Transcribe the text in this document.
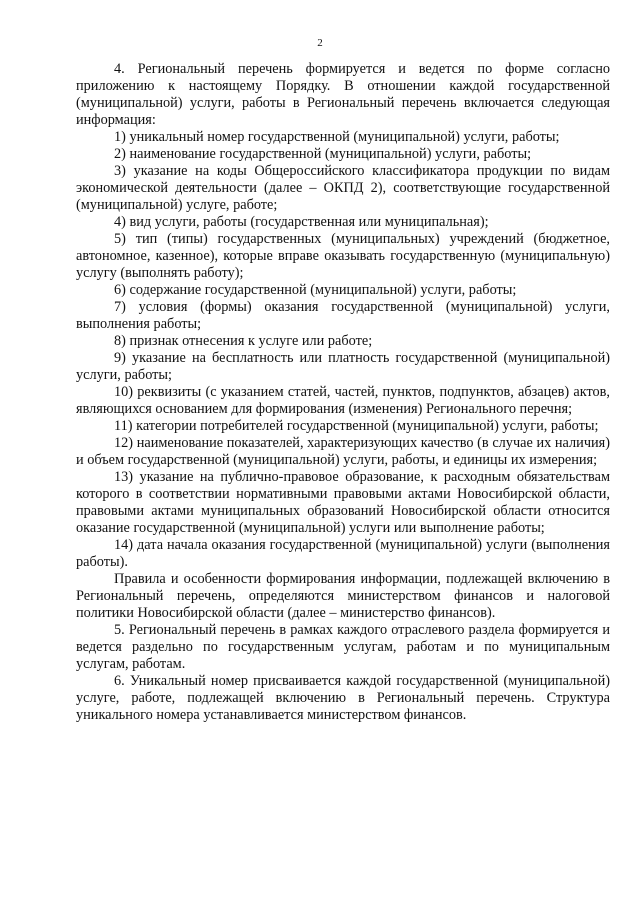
2

4. Региональный перечень формируется и ведется по форме согласно приложению к настоящему Порядку. В отношении каждой государственной (муниципальной) услуги, работы в Региональный перечень включается следующая информация:

1) уникальный номер государственной (муниципальной) услуги, работы;

2) наименование государственной (муниципальной) услуги, работы;

3) указание на коды Общероссийского классификатора продукции по видам экономической деятельности (далее – ОКПД 2), соответствующие государственной (муниципальной) услуге, работе;

4) вид услуги, работы (государственная или муниципальная);

5) тип (типы) государственных (муниципальных) учреждений (бюджетное, автономное, казенное), которые вправе оказывать государственную (муниципальную) услугу (выполнять работу);

6) содержание государственной (муниципальной) услуги, работы;

7) условия (формы) оказания государственной (муниципальной) услуги, выполнения работы;

8) признак отнесения к услуге или работе;

9) указание на бесплатность или платность государственной (муниципальной) услуги, работы;

10) реквизиты (с указанием статей, частей, пунктов, подпунктов, абзацев) актов, являющихся основанием для формирования (изменения) Регионального перечня;

11) категории потребителей государственной (муниципальной) услуги, работы;

12) наименование показателей, характеризующих качество (в случае их наличия) и объем государственной (муниципальной) услуги, работы, и единицы их измерения;

13) указание на публично-правовое образование, к расходным обязательствам которого в соответствии нормативными правовыми актами Новосибирской области, правовыми актами муниципальных образований Новосибирской области относится оказание государственной (муниципальной) услуги или выполнение работы;

14) дата начала оказания государственной (муниципальной) услуги (выполнения работы).

Правила и особенности формирования информации, подлежащей включению в Региональный перечень, определяются министерством финансов и налоговой политики Новосибирской области (далее – министерство финансов).

5. Региональный перечень в рамках каждого отраслевого раздела формируется и ведется раздельно по государственным услугам, работам и по муниципальным услугам, работам.

6. Уникальный номер присваивается каждой государственной (муниципальной) услуге, работе, подлежащей включению в Региональный перечень. Структура уникального номера устанавливается министерством финансов.
